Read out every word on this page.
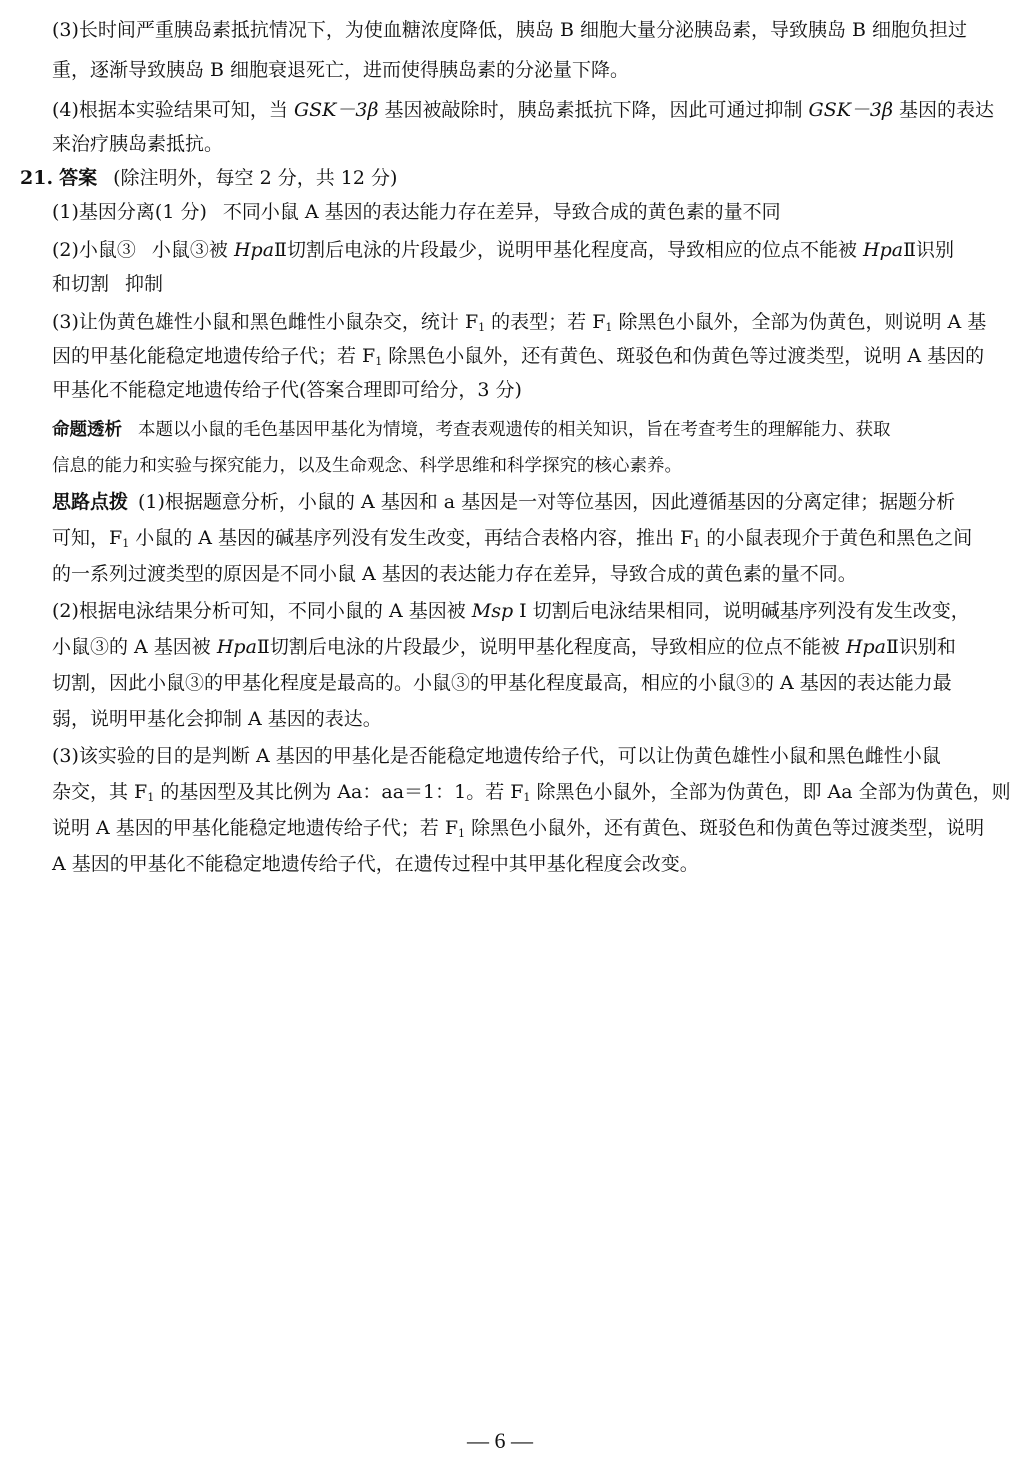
(3)长时间严重胰岛素抵抗情况下，为使血糖浓度降低，胰岛 B 细胞大量分泌胰岛素，导致胰岛 B 细胞负担过
重，逐渐导致胰岛 B 细胞衰退死亡，进而使得胰岛素的分泌量下降。
(4)根据本实验结果可知，当 GSK－3β 基因被敲除时，胰岛素抵抗下降，因此可通过抑制 GSK－3β 基因的表达
来治疗胰岛素抵抗。
21. 答案 (除注明外，每空 2 分，共 12 分)
(1)基因分离(1 分) 不同小鼠 A 基因的表达能力存在差异，导致合成的黄色素的量不同
(2)小鼠③ 小鼠③被 HpaⅡ切割后电泳的片段最少，说明甲基化程度高，导致相应的位点不能被 HpaⅡ识别
和切割 抑制
(3)让伪黄色雄性小鼠和黑色雌性小鼠杂交，统计 $F_1$ 的表型；若 $F_1$ 除黑色小鼠外，全部为伪黄色，则说明 A 基
因的甲基化能稳定地遗传给子代；若 $F_1$ 除黑色小鼠外，还有黄色、斑驳色和伪黄色等过渡类型，说明 A 基因的
甲基化不能稳定地遗传给子代(答案合理即可给分，3 分)
命题透析 本题以小鼠的毛色基因甲基化为情境，考查表观遗传的相关知识，旨在考查考生的理解能力、获取
信息的能力和实验与探究能力，以及生命观念、科学思维和科学探究的核心素养。
思路点拨 (1)根据题意分析，小鼠的 A 基因和 a 基因是一对等位基因，因此遵循基因的分离定律；据题分析
可知，$F_1$ 小鼠的 A 基因的碱基序列没有发生改变，再结合表格内容，推出 $F_1$ 的小鼠表现介于黄色和黑色之间
的一系列过渡类型的原因是不同小鼠 A 基因的表达能力存在差异，导致合成的黄色素的量不同。
(2)根据电泳结果分析可知，不同小鼠的 A 基因被 Msp Ⅰ 切割后电泳结果相同，说明碱基序列没有发生改变，
小鼠③的 A 基因被 HpaⅡ切割后电泳的片段最少，说明甲基化程度高，导致相应的位点不能被 HpaⅡ识别和
切割，因此小鼠③的甲基化程度是最高的。小鼠③的甲基化程度最高，相应的小鼠③的 A 基因的表达能力最
弱，说明甲基化会抑制 A 基因的表达。
(3)该实验的目的是判断 A 基因的甲基化是否能稳定地遗传给子代，可以让伪黄色雄性小鼠和黑色雌性小鼠
杂交，其 $F_1$ 的基因型及其比例为 Aa：aa＝1：1。若 $F_1$ 除黑色小鼠外，全部为伪黄色，即 Aa 全部为伪黄色，则
说明 A 基因的甲基化能稳定地遗传给子代；若 $F_1$ 除黑色小鼠外，还有黄色、斑驳色和伪黄色等过渡类型，说明
A 基因的甲基化不能稳定地遗传给子代，在遗传过程中其甲基化程度会改变。
— 6 —
